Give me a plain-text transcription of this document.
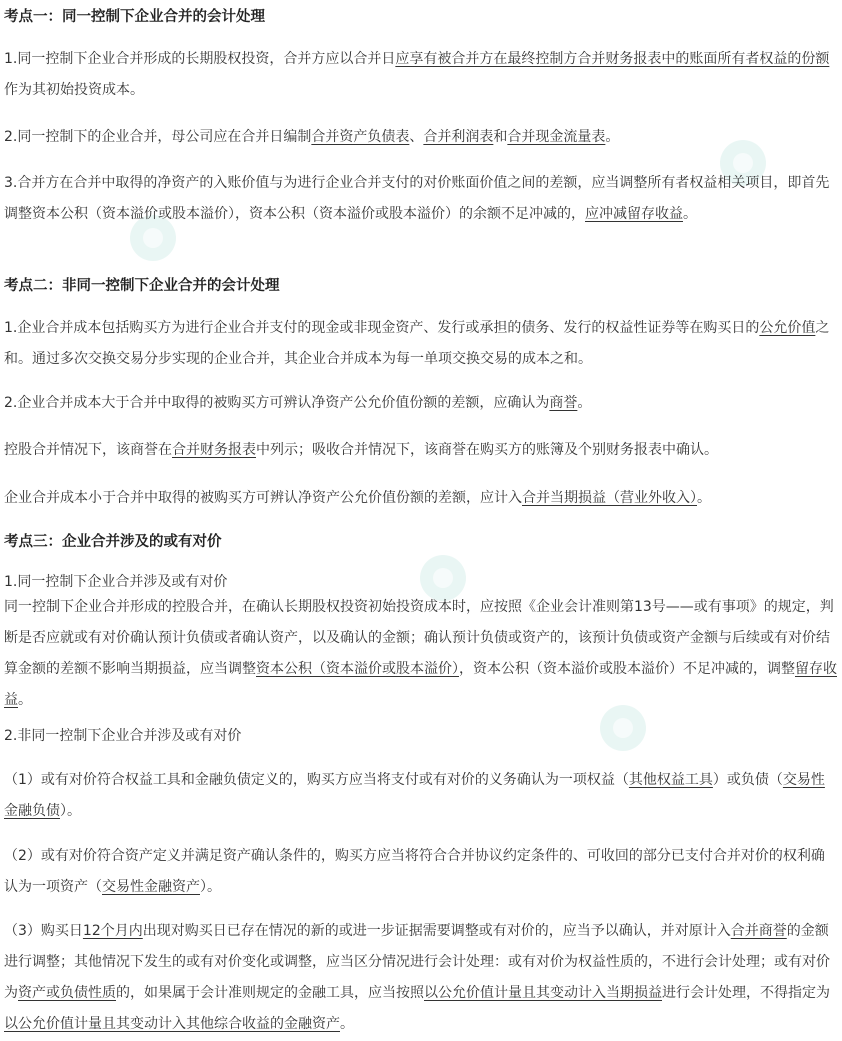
考点一：同一控制下企业合并的会计处理
1.同一控制下企业合并形成的长期股权投资，合并方应以合并日应享有被合并方在最终控制方合并财务报表中的账面所有者权益的份额作为其初始投资成本。
2.同一控制下的企业合并，母公司应在合并日编制合并资产负债表、合并利润表和合并现金流量表。
3.合并方在合并中取得的净资产的入账价值与为进行企业合并支付的对价账面价值之间的差额，应当调整所有者权益相关项目，即首先调整资本公积（资本溢价或股本溢价），资本公积（资本溢价或股本溢价）的余额不足冲减的，应冲减留存收益。
考点二：非同一控制下企业合并的会计处理
1.企业合并成本包括购买方为进行企业合并支付的现金或非现金资产、发行或承担的债务、发行的权益性证券等在购买日的公允价值之和。通过多次交换交易分步实现的企业合并，其企业合并成本为每一单项交换交易的成本之和。
2.企业合并成本大于合并中取得的被购买方可辨认净资产公允价值份额的差额，应确认为商誉。
控股合并情况下，该商誉在合并财务报表中列示；吸收合并情况下，该商誉在购买方的账簿及个别财务报表中确认。
企业合并成本小于合并中取得的被购买方可辨认净资产公允价值份额的差额，应计入合并当期损益（营业外收入）。
考点三：企业合并涉及的或有对价
1.同一控制下企业合并涉及或有对价
同一控制下企业合并形成的控股合并，在确认长期股权投资初始投资成本时，应按照《企业会计准则第13号——或有事项》的规定，判断是否应就或有对价确认预计负债或者确认资产，以及确认的金额；确认预计负债或资产的，该预计负债或资产金额与后续或有对价结算金额的差额不影响当期损益，应当调整资本公积（资本溢价或股本溢价），资本公积（资本溢价或股本溢价）不足冲减的，调整留存收益。
2.非同一控制下企业合并涉及或有对价
（1）或有对价符合权益工具和金融负债定义的，购买方应当将支付或有对价的义务确认为一项权益（其他权益工具）或负债（交易性金融负债）。
（2）或有对价符合资产定义并满足资产确认条件的，购买方应当将符合合并协议约定条件的、可收回的部分已支付合并对价的权利确认为一项资产（交易性金融资产）。
（3）购买日12个月内出现对购买日已存在情况的新的或进一步证据需要调整或有对价的，应当予以确认，并对原计入合并商誉的金额进行调整；其他情况下发生的或有对价变化或调整，应当区分情况进行会计处理：或有对价为权益性质的，不进行会计处理；或有对价为资产或负债性质的，如果属于会计准则规定的金融工具，应当按照以公允价值计量且其变动计入当期损益进行会计处理，不得指定为以公允价值计量且其变动计入其他综合收益的金融资产。
